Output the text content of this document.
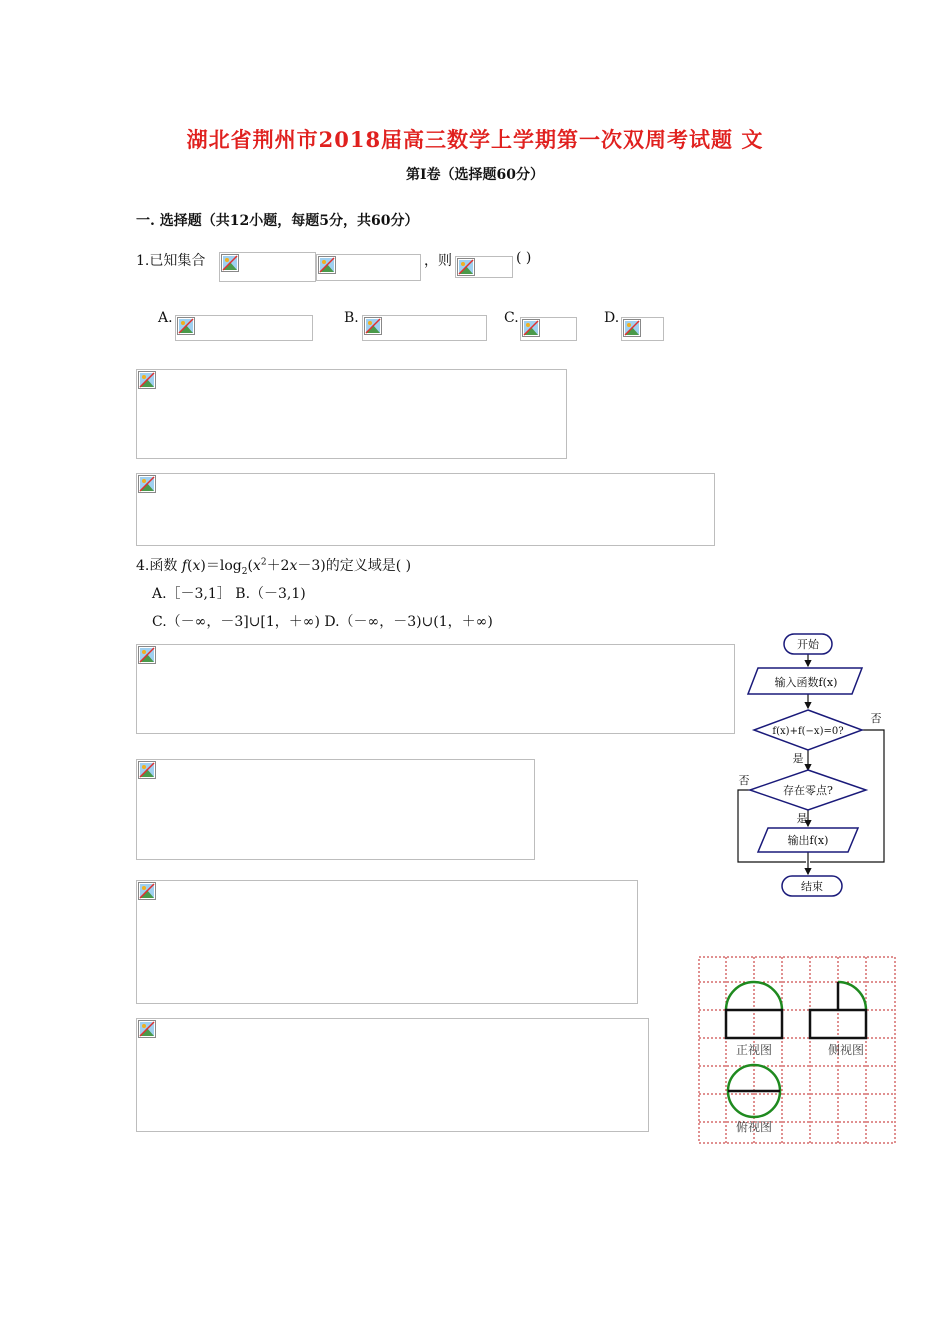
湖北省荆州市2018届高三数学上学期第一次双周考试题 文
第I卷（选择题60分）
一. 选择题（共12小题，每题5分，共60分）
1.已知集合	，则	( )
A.	B.	C.	D.
4.函数 $f(x)=\log_2(x^2+2x-3)$的定义域是( )
A.［－3,1］ B.（－3,1)
C.（－∞，－3]∪[1，＋∞) D.（－∞，－3)∪(1，＋∞)
开始
输入函数f(x)
f(x)+f(−x)=0?
是
否
存在零点?
否
是
输出f(x)
结束
正视图	侧视图
俯视图
